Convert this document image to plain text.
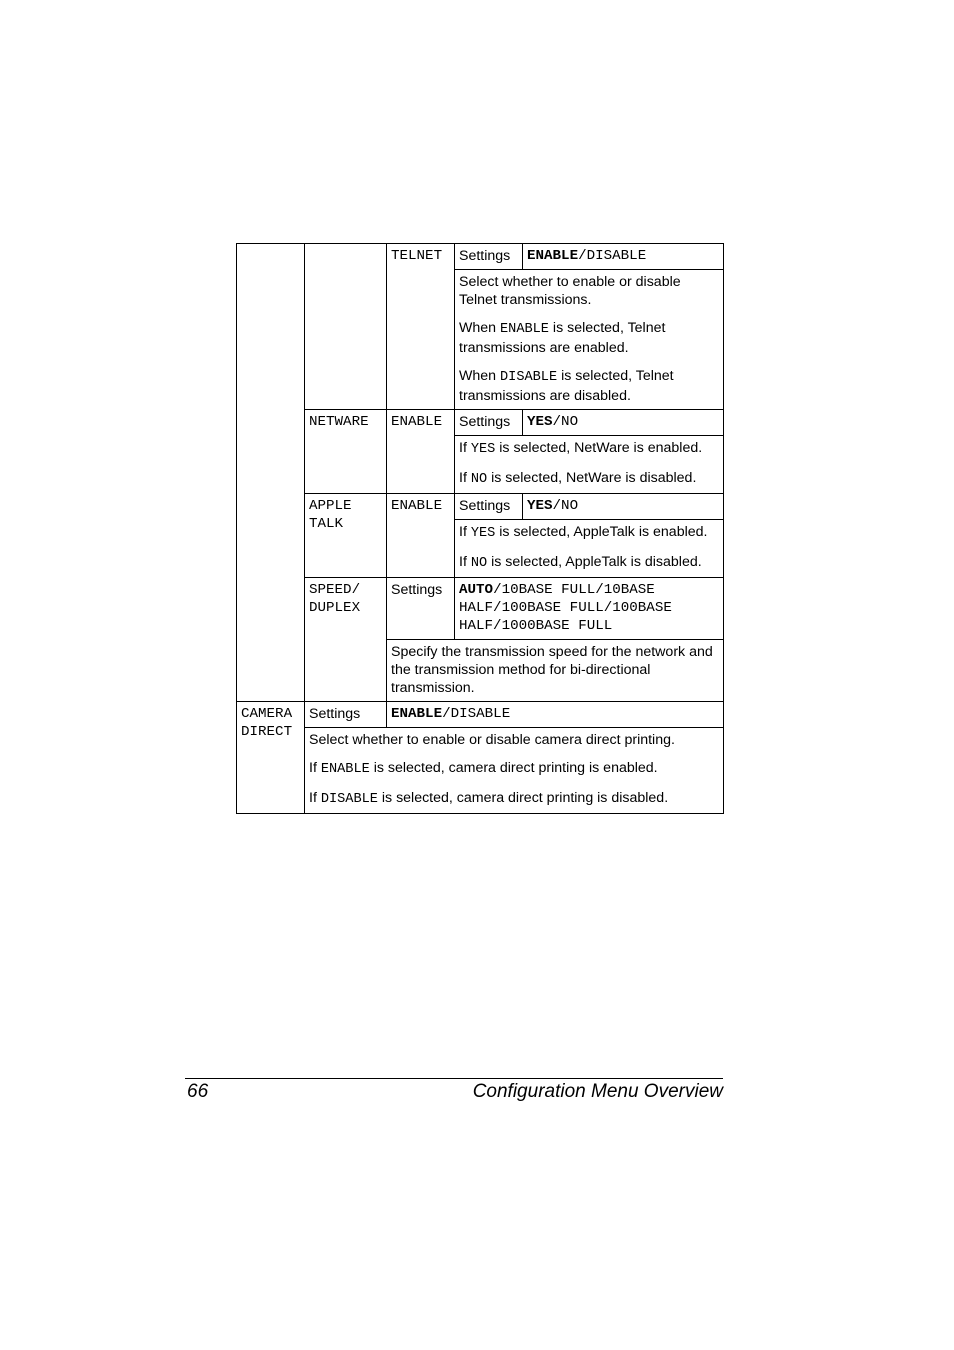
		TELNET	Settings	ENABLE/DISABLE

			Select whether to enable or disable Telnet transmissions.

When ENABLE is selected, Telnet transmissions are enabled.

When DISABLE is selected, Telnet transmissions are disabled.	

	NETWARE	ENABLE	Settings	YES/NO

			If YES is selected, NetWare is enabled.

If NO is selected, NetWare is disabled.	

	APPLE TALK	ENABLE	Settings	YES/NO

			If YES is selected, AppleTalk is enabled.

If NO is selected, AppleTalk is disabled.	

	SPEED/ DUPLEX	Settings	AUTO/10BASE FULL/10BASE HALF/100BASE FULL/100BASE HALF/1000BASE FULL	
		Specify the transmission speed for the network and the transmission method for bi-directional transmission.		
CAMERA DIRECT	Settings	ENABLE/DISABLE		

	Select whether to enable or disable camera direct printing.

If ENABLE is selected, camera direct printing is enabled.

If DISABLE is selected, camera direct printing is disabled.			

66	Configuration Menu Overview
